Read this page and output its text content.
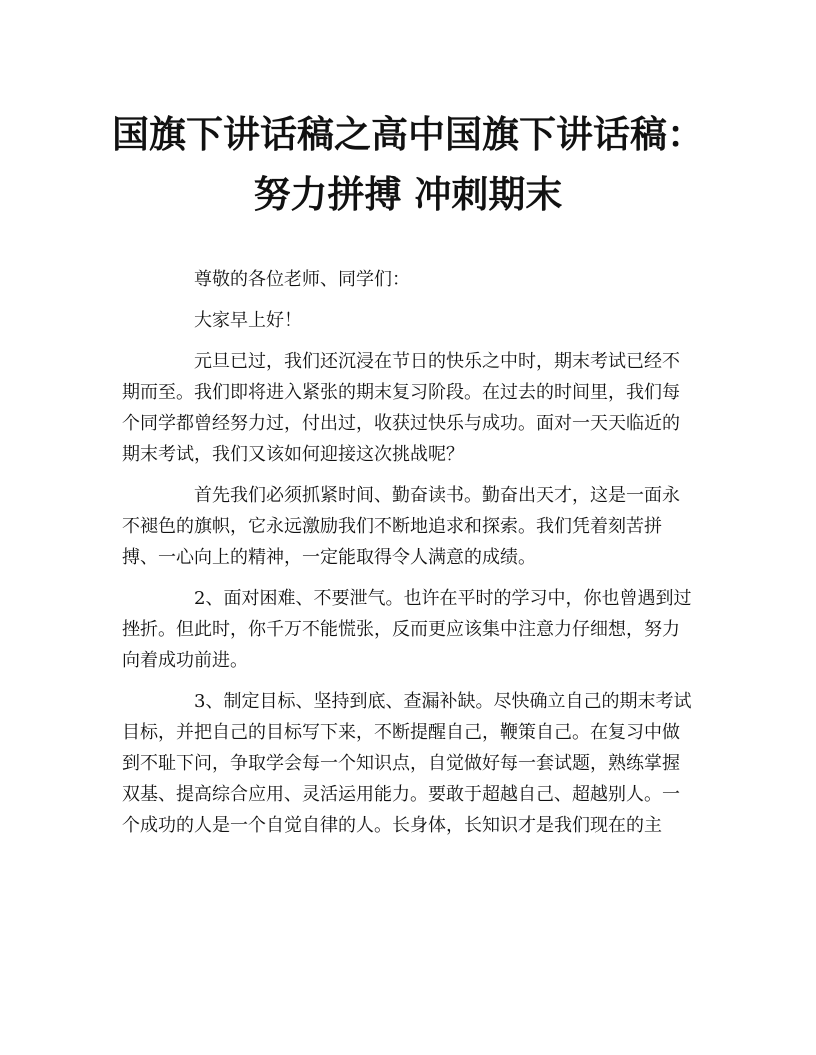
国旗下讲话稿之高中国旗下讲话稿：努力拼搏 冲刺期末

尊敬的各位老师、同学们：

大家早上好！

元旦已过，我们还沉浸在节日的快乐之中时，期末考试已经不期而至。我们即将进入紧张的期末复习阶段。在过去的时间里，我们每个同学都曾经努力过，付出过，收获过快乐与成功。面对一天天临近的期末考试，我们又该如何迎接这次挑战呢？

首先我们必须抓紧时间、勤奋读书。勤奋出天才，这是一面永不褪色的旗帜，它永远激励我们不断地追求和探索。我们凭着刻苦拼搏、一心向上的精神，一定能取得令人满意的成绩。

2、面对困难、不要泄气。也许在平时的学习中，你也曾遇到过挫折。但此时，你千万不能慌张，反而更应该集中注意力仔细想，努力向着成功前进。

3、制定目标、坚持到底、查漏补缺。尽快确立自己的期末考试目标，并把自己的目标写下来，不断提醒自己，鞭策自己。在复习中做到不耻下问，争取学会每一个知识点，自觉做好每一套试题，熟练掌握双基、提高综合应用、灵活运用能力。要敢于超越自己、超越别人。一个成功的人是一个自觉自律的人。长身体，长知识才是我们现在的主
